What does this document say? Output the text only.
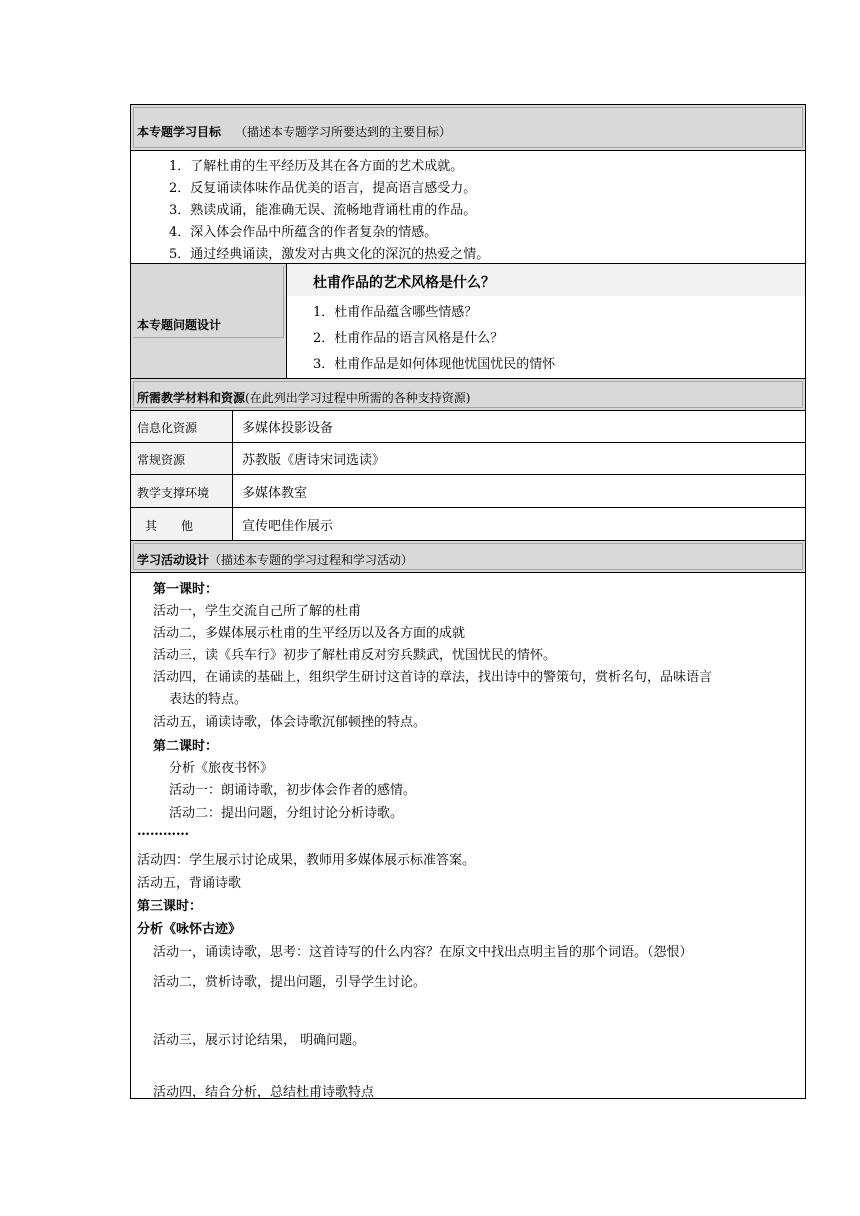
本专题学习目标 （描述本专题学习所要达到的主要目标）
1．了解杜甫的生平经历及其在各方面的艺术成就。
2．反复诵读体味作品优美的语言，提高语言感受力。
3．熟读成诵，能准确无误、流畅地背诵杜甫的作品。
4．深入体会作品中所蕴含的作者复杂的情感。
5．通过经典诵读，激发对古典文化的深沉的热爱之情。
本专题问题设计
杜甫作品的艺术风格是什么？
1．杜甫作品蕴含哪些情感？
2．杜甫作品的语言风格是什么？
3．杜甫作品是如何体现他忧国忧民的情怀
所需教学材料和资源(在此列出学习过程中所需的各种支持资源)
信息化资源	多媒体投影设备
常规资源	苏教版《唐诗宋词选读》
教学支撑环境	多媒体教室
其　　他	宣传吧佳作展示
学习活动设计（描述本专题的学习过程和学习活动）
第一课时：
活动一，学生交流自己所了解的杜甫
活动二，多媒体展示杜甫的生平经历以及各方面的成就
活动三，读《兵车行》初步了解杜甫反对穷兵黩武，忧国忧民的情怀。
活动四，在诵读的基础上，组织学生研讨这首诗的章法，找出诗中的警策句，赏析名句，品味语言
表达的特点。
活动五，诵读诗歌，体会诗歌沉郁顿挫的特点。
第二课时：
分析《旅夜书怀》
活动一：朗诵诗歌，初步体会作者的感情。
活动二：提出问题，分组讨论分析诗歌。
…………
活动四：学生展示讨论成果，教师用多媒体展示标准答案。
活动五，背诵诗歌
第三课时：
分析《咏怀古迹》
活动一，诵读诗歌，思考：这首诗写的什么内容？在原文中找出点明主旨的那个词语。（怨恨）
活动二，赏析诗歌，提出问题，引导学生讨论。
活动三，展示讨论结果， 明确问题。
活动四，结合分析，总结杜甫诗歌特点
